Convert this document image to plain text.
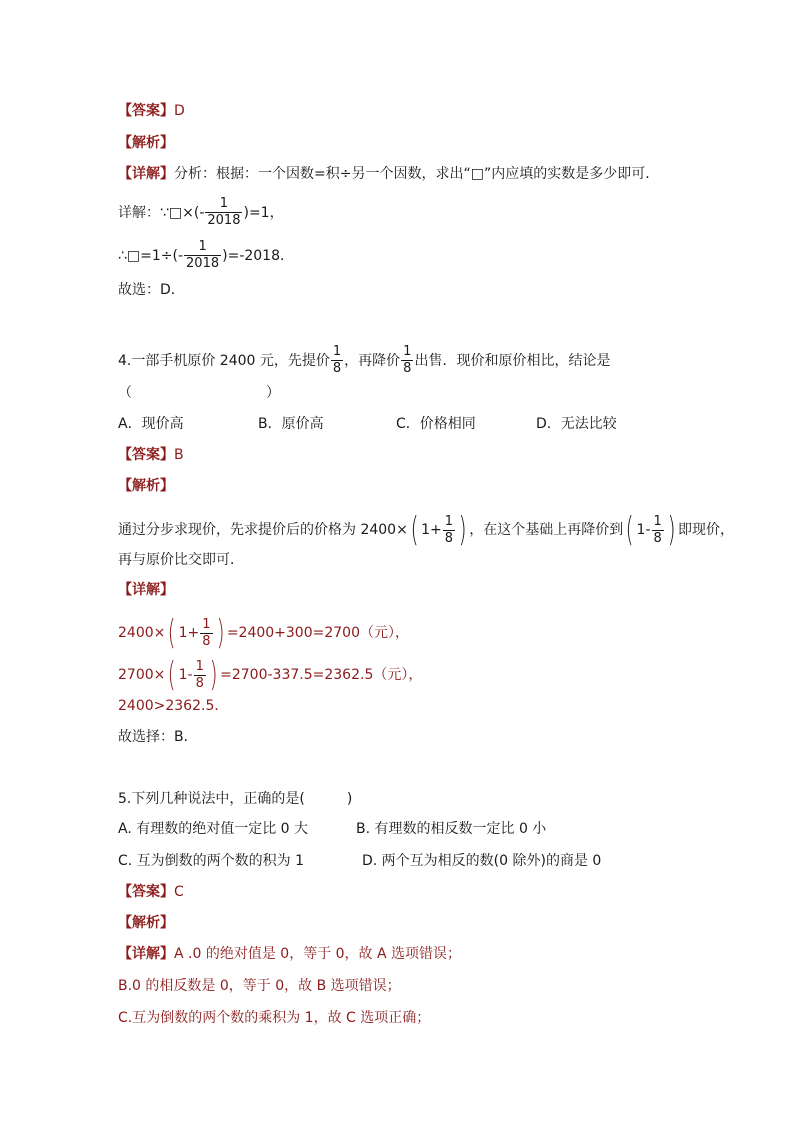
【答案】 D
【解析】
【详解】 分析：根据：一个因数=积÷另一个因数，求出“□”内应填的实数是多少即可．
详解：∵□×(- $\frac{1}{2018} )=1$，
∴□=1÷(- $\frac{1}{2018} )=-2018$．
故选：D．
4.一部手机原价 2400 元，先提价 $\frac{1}{8}$ ，再降价 $\frac{1}{8}$ 出售．现价和原价相比，结论是
（	）
A．现价高	B．原价高	C．价格相同	D．无法比较
【答案】 B
【解析】
通过分步求现价，先求提价后的价格为 2400× ( $1+ \frac{1}{8}$ ) ，在这个基础上再降价到 ( $1- \frac{1}{8}$ ) 即现价，
再与原价比交即可．
【详解】
2400× ( $1+ \frac{1}{8}$ ) =2400+300=2700（元），
2700× ( $1- \frac{1}{8}$ ) =2700-337.5=2362.5（元），
2400>2362.5．
故选择：B．
5.下列几种说法中，正确的是(　　　)
A. 有理数的绝对值一定比 0 大	B. 有理数的相反数一定比 0 小
C. 互为倒数的两个数的积为 1	D. 两个互为相反的数(0 除外)的商是 0
【答案】 C
【解析】
【详解】 A .0 的绝对值是 0，等于 0，故 A 选项错误；
B.0 的相反数是 0，等于 0，故 B 选项错误；
C.互为倒数的两个数的乘积为 1，故 C 选项正确；
